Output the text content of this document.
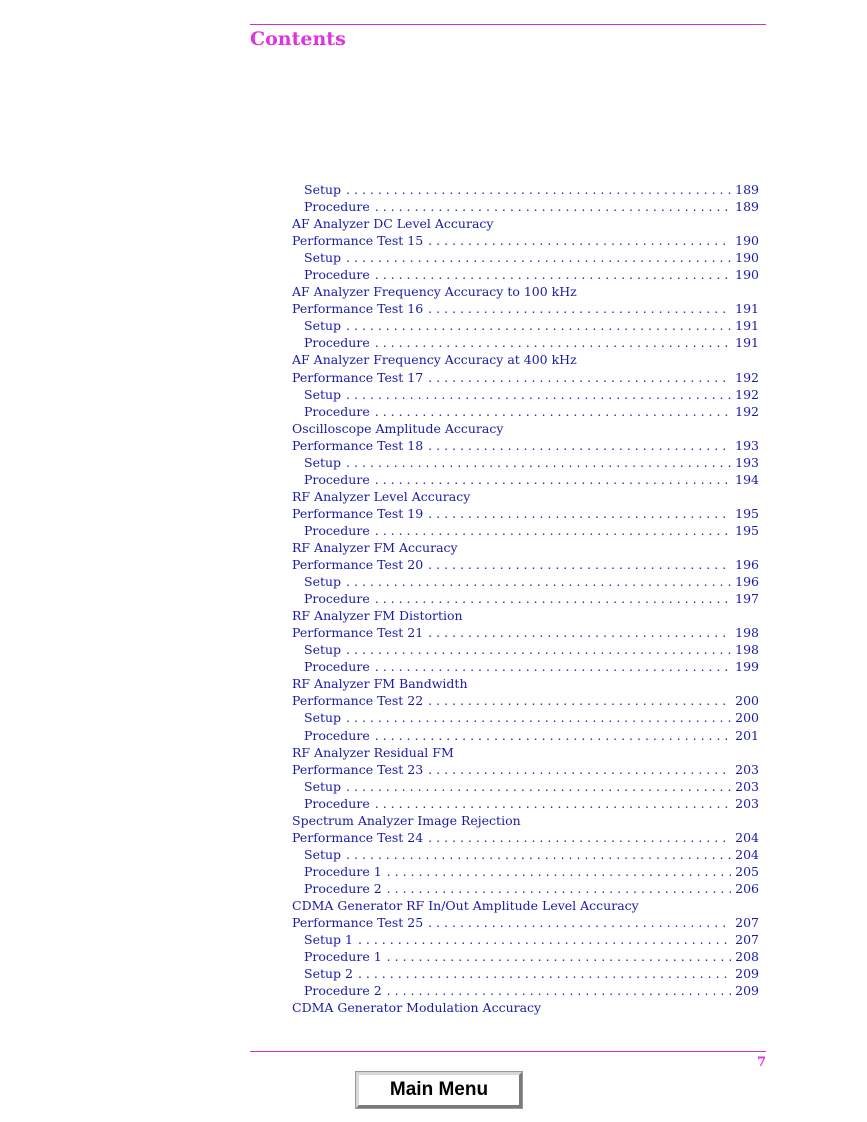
Contents
Setup . . .	189
Procedure . . .	189
AF Analyzer DC Level Accuracy
Performance Test 15 . . .	190
Setup . . .	190
Procedure . . .	190
AF Analyzer Frequency Accuracy to 100 kHz
Performance Test 16 . . .	191
Setup . . .	191
Procedure . . .	191
AF Analyzer Frequency Accuracy at 400 kHz
Performance Test 17 . . .	192
Setup . . .	192
Procedure . . .	192
Oscilloscope Amplitude Accuracy
Performance Test 18 . . .	193
Setup . . .	193
Procedure . . .	194
RF Analyzer Level Accuracy
Performance Test 19 . . .	195
Procedure . . .	195
RF Analyzer FM Accuracy
Performance Test 20 . . .	196
Setup . . .	196
Procedure . . .	197
RF Analyzer FM Distortion
Performance Test 21 . . .	198
Setup . . .	198
Procedure . . .	199
RF Analyzer FM Bandwidth
Performance Test 22 . . .	200
Setup . . .	200
Procedure . . .	201
RF Analyzer Residual FM
Performance Test 23 . . .	203
Setup . . .	203
Procedure . . .	203
Spectrum Analyzer Image Rejection
Performance Test 24 . . .	204
Setup . . .	204
Procedure 1 . . .	205
Procedure 2 . . .	206
CDMA Generator RF In/Out Amplitude Level Accuracy
Performance Test 25 . . .	207
Setup 1 . . .	207
Procedure 1 . . .	208
Setup 2 . . .	209
Procedure 2 . . .	209
CDMA Generator Modulation Accuracy
7
Main Menu
